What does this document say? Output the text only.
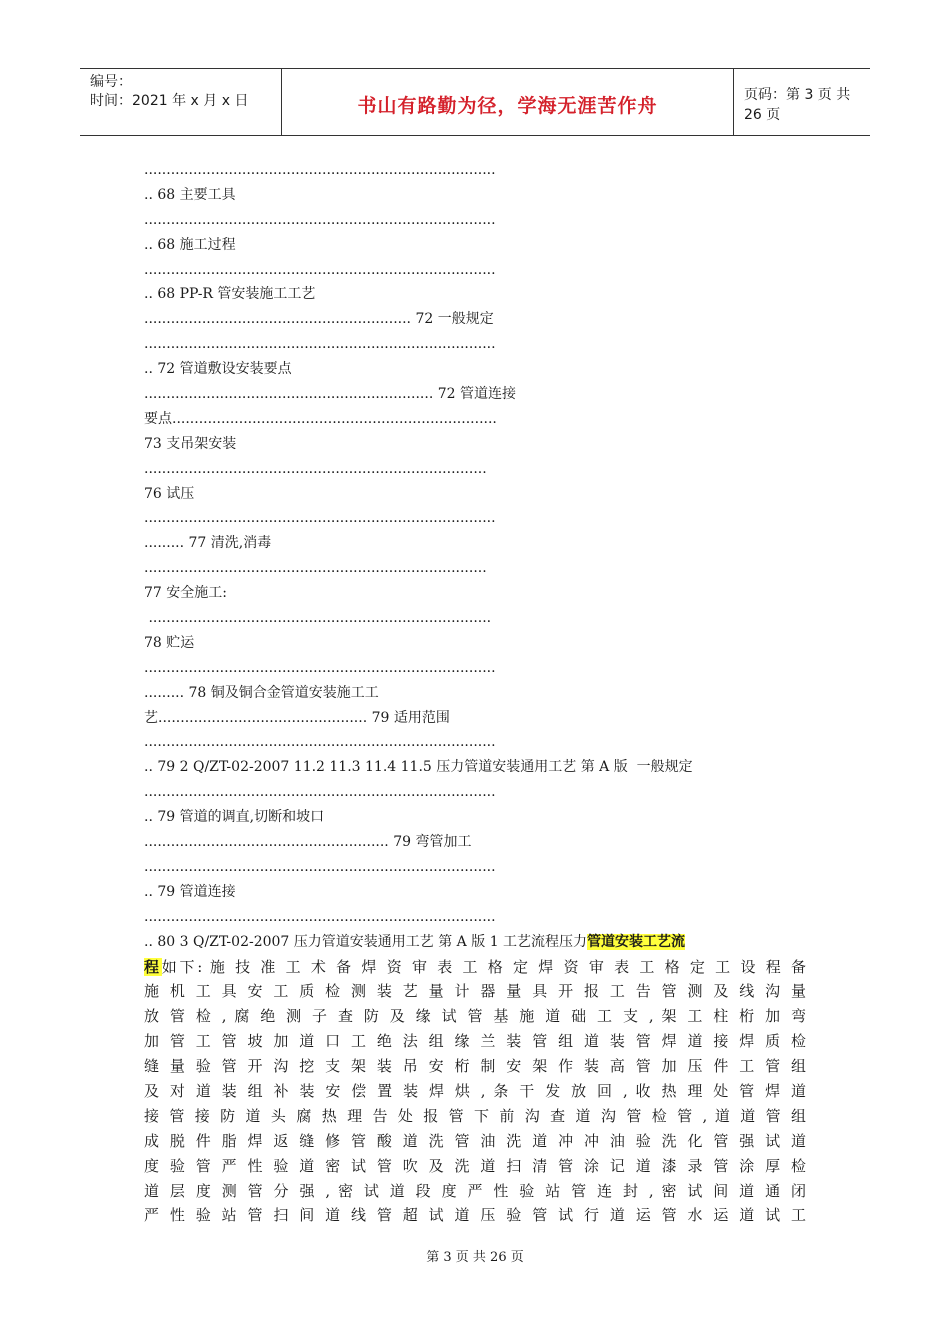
编号：
时间：2021 年 x 月 x 日	书山有路勤为径，学海无涯苦作舟	页码：第 3 页 共 26 页
...............................................................................
.. 68 主要工具
...............................................................................
.. 68 施工过程
...............................................................................
.. 68 PP-R 管安装施工工艺
............................................................ 72 一般规定
...............................................................................
.. 72 管道敷设安装要点
................................................................. 72 管道连接
要点.........................................................................
73 支吊架安装
.............................................................................
76 试压
...............................................................................
......... 77 清洗,消毒
.............................................................................
77 安全施工:
.............................................................................
78 贮运
...............................................................................
......... 78 铜及铜合金管道安装施工工
艺............................................... 79 适用范围
...............................................................................
.. 79 2 Q/ZT-02-2007 11.2 11.3 11.4 11.5 压力管道安装通用工艺 第 A 版  一般规定
...............................................................................
.. 79 管道的调直,切断和坡口
....................................................... 79 弯管加工
...............................................................................
.. 79 管道连接
...............................................................................
.. 80 3 Q/ZT-02-2007 压力管道安装通用工艺 第 A 版 1 工艺流程压力管道安装工艺流
程如下: 施 技 准 工 术 备 焊 资 审 表 工 格 定 焊 资 审 表 工 格 定 工 设 程 备
施 机 工 具 安 工 质 检 测 装 艺 量 计 器 量 具 开 报 工 告 管 测 及 线 沟 量
放 管 检 , 腐 绝 测 子 查 防 及 缘 试 管 基 施 道 础 工 支 , 架 工 柱 桁 加 弯
加 管 工 管 坡 加 道 口 工 绝 法 组 缘 兰 装 管 组 道 装 管 焊 道 接 焊 质 检
缝 量 验 管 开 沟 挖 支 架 装 吊 安 桁 制 安 架 作 装 高 管 加 压 件 工 管 组
及 对 道 装 组 补 装 安 偿 置 装 焊 烘 , 条 干 发 放 回 , 收 热 理 处 管 焊 道
接 管 接 防 道 头 腐 热 理 告 处 报 管 下 前 沟 查 道 沟 管 检 管 , 道 道 管 组
成 脱 件 脂 焊 返 缝 修 管 酸 道 洗 管 油 洗 道 冲 冲 油 验 洗 化 管 强 试 道
度 验 管 严 性 验 道 密 试 管 吹 及 洗 道 扫 清 管 涂 记 道 漆 录 管 涂 厚 检
道 层 度 测 管 分 强 , 密 试 道 段 度 严 性 验 站 管 连 封 , 密 试 间 道 通 闭
严 性 验 站 管 扫 间 道 线 管 超 试 道 压 验 管 试 行 道 运 管 水 运 道 试 工
第 3 页 共 26 页
